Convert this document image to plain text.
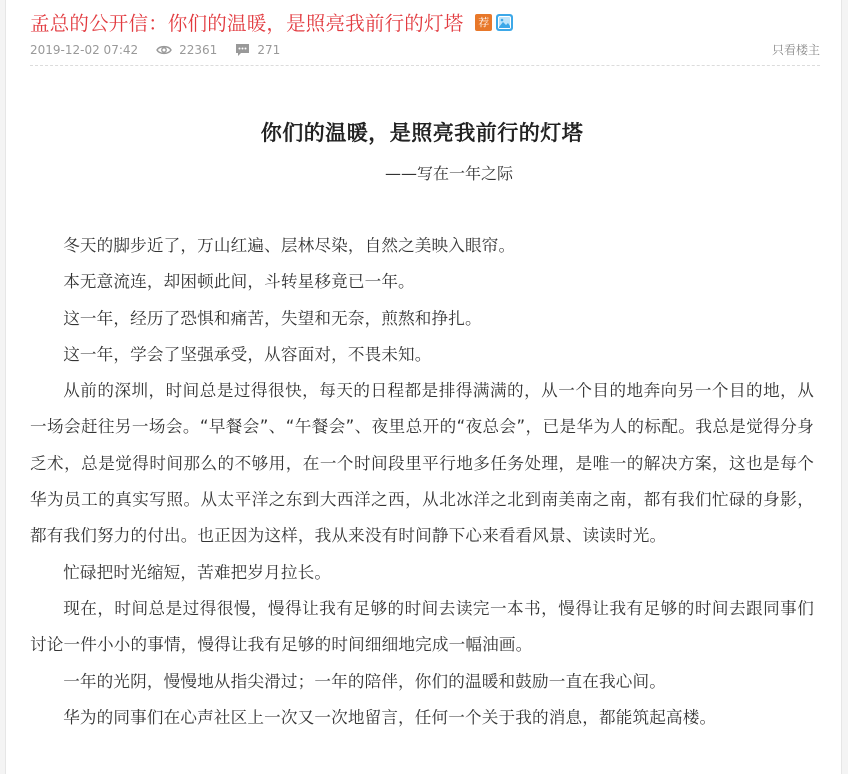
孟总的公开信：你们的温暖，是照亮我前行的灯塔 荐
2019-12-02 07:42	22361	271	只看楼主
你们的温暖，是照亮我前行的灯塔
——写在一年之际

冬天的脚步近了，万山红遍、层林尽染，自然之美映入眼帘。

本无意流连，却困顿此间，斗转星移竟已一年。

这一年，经历了恐惧和痛苦，失望和无奈，煎熬和挣扎。

这一年，学会了坚强承受，从容面对，不畏未知。

从前的深圳，时间总是过得很快，每天的日程都是排得满满的，从一个目的地奔向另一个目的地，从一场会赶往另一场会。“早餐会”、“午餐会”、夜里总开的“夜总会”，已是华为人的标配。我总是觉得分身乏术，总是觉得时间那么的不够用，在一个时间段里平行地多任务处理，是唯一的解决方案，这也是每个华为员工的真实写照。从太平洋之东到大西洋之西，从北冰洋之北到南美南之南，都有我们忙碌的身影，都有我们努力的付出。也正因为这样，我从来没有时间静下心来看看风景、读读时光。

忙碌把时光缩短，苦难把岁月拉长。

现在，时间总是过得很慢，慢得让我有足够的时间去读完一本书，慢得让我有足够的时间去跟同事们讨论一件小小的事情，慢得让我有足够的时间细细地完成一幅油画。

一年的光阴，慢慢地从指尖滑过；一年的陪伴，你们的温暖和鼓励一直在我心间。

华为的同事们在心声社区上一次又一次地留言，任何一个关于我的消息，都能筑起高楼。
